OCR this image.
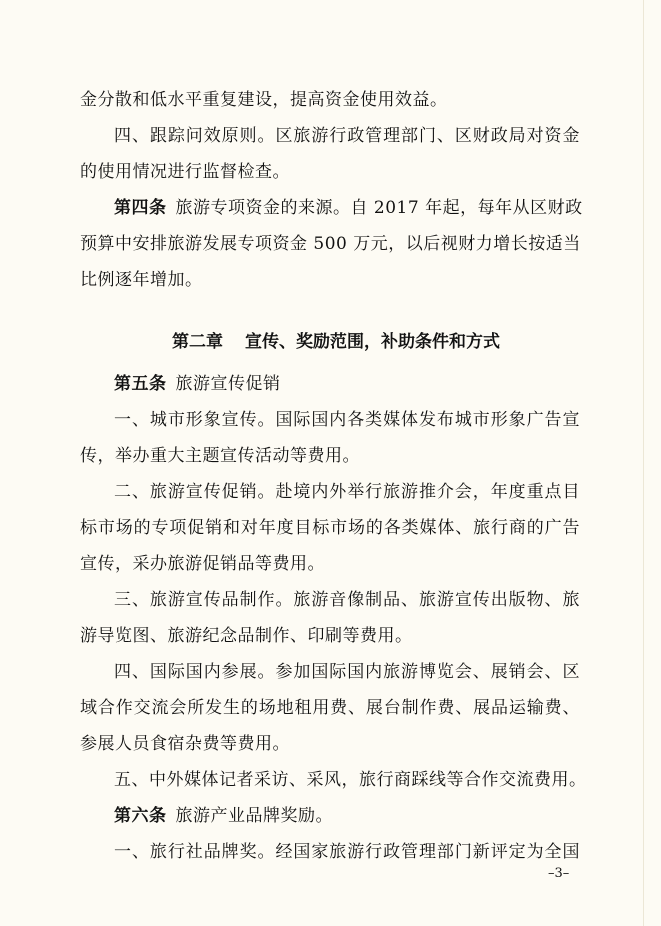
金分散和低水平重复建设，提高资金使用效益。

四、跟踪问效原则。区旅游行政管理部门、区财政局对资金

的使用情况进行监督检查。

第四条  旅游专项资金的来源。自 2017 年起，每年从区财政

预算中安排旅游发展专项资金 500 万元，以后视财力增长按适当

比例逐年增加。

第二章 宣传、奖励范围，补助条件和方式

第五条  旅游宣传促销

一、城市形象宣传。国际国内各类媒体发布城市形象广告宣

传，举办重大主题宣传活动等费用。

二、旅游宣传促销。赴境内外举行旅游推介会，年度重点目

标市场的专项促销和对年度目标市场的各类媒体、旅行商的广告

宣传，采办旅游促销品等费用。

三、旅游宣传品制作。旅游音像制品、旅游宣传出版物、旅

游导览图、旅游纪念品制作、印刷等费用。

四、国际国内参展。参加国际国内旅游博览会、展销会、区

域合作交流会所发生的场地租用费、展台制作费、展品运输费、

参展人员食宿杂费等费用。

五、中外媒体记者采访、采风，旅行商踩线等合作交流费用。

第六条  旅游产业品牌奖励。

一、旅行社品牌奖。经国家旅游行政管理部门新评定为全国

–3–
